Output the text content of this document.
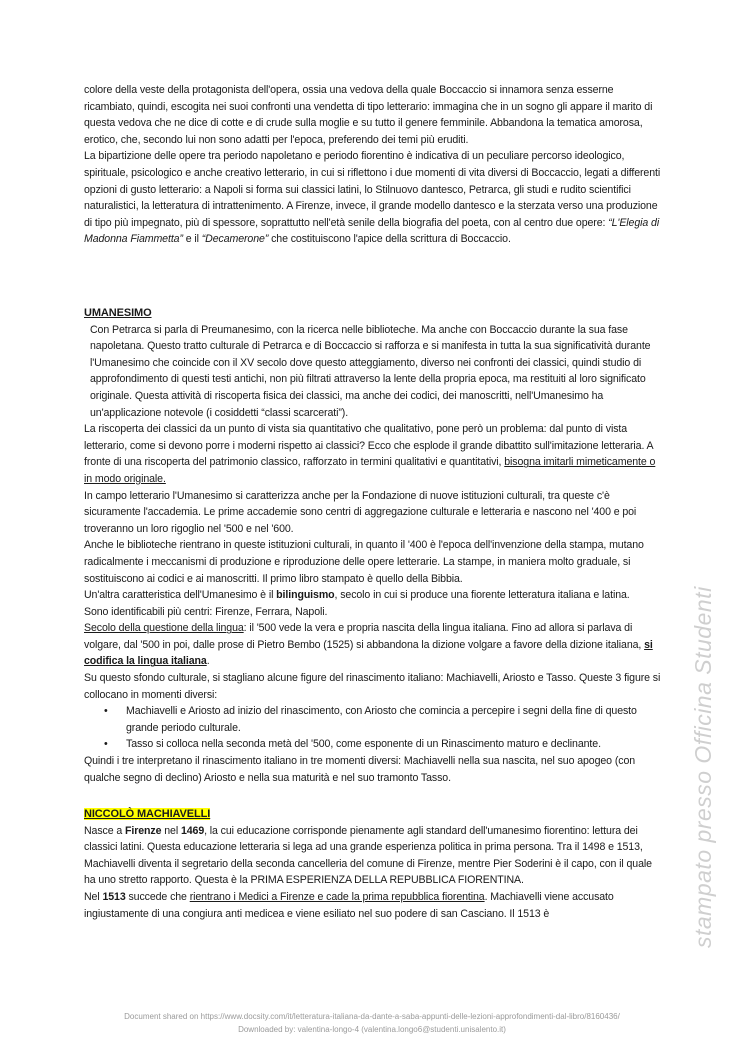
colore della veste della protagonista dell'opera, ossia una vedova della quale Boccaccio si innamora senza esserne ricambiato, quindi, escogita nei suoi confronti una vendetta di tipo letterario: immagina che in un sogno gli appare il marito di questa vedova che ne dice di cotte e di crude sulla moglie e su tutto il genere femminile. Abbandona la tematica amorosa, erotico, che, secondo lui non sono adatti per l'epoca, preferendo dei temi più eruditi.

La bipartizione delle opere tra periodo napoletano e periodo fiorentino è indicativa di un peculiare percorso ideologico, spirituale, psicologico e anche creativo letterario, in cui si riflettono i due momenti di vita diversi di Boccaccio, legati a differenti opzioni di gusto letterario: a Napoli si forma sui classici latini, lo Stilnuovo dantesco, Petrarca, gli studi e rudito scientifici naturalistici, la letteratura di intrattenimento. A Firenze, invece, il grande modello dantesco e la sterzata verso una produzione di tipo più impegnato, più di spessore, soprattutto nell'età senile della biografia del poeta, con al centro due opere: “L'Elegia di Madonna Fiammetta” e il “Decamerone” che costituiscono l'apice della scrittura di Boccaccio.

UMANESIMO

Con Petrarca si parla di Preumanesimo, con la ricerca nelle biblioteche. Ma anche con Boccaccio durante la sua fase napoletana. Questo tratto culturale di Petrarca e di Boccaccio si rafforza e si manifesta in tutta la sua significatività durante l'Umanesimo che coincide con il XV secolo dove questo atteggiamento, diverso nei confronti dei classici, quindi studio di approfondimento di questi testi antichi, non più filtrati attraverso la lente della propria epoca, ma restituiti al loro significato originale. Questa attività di riscoperta fisica dei classici, ma anche dei codici, dei manoscritti, nell'Umanesimo ha un'applicazione notevole (i cosiddetti “classi scarcerati”).

La riscoperta dei classici da un punto di vista sia quantitativo che qualitativo, pone però un problema: dal punto di vista letterario, come si devono porre i moderni rispetto ai classici? Ecco che esplode il grande dibattito sull'imitazione letteraria. A fronte di una riscoperta del patrimonio classico, rafforzato in termini qualitativi e quantitativi, bisogna imitarli mimeticamente o in modo originale.

In campo letterario l'Umanesimo si caratterizza anche per la Fondazione di nuove istituzioni culturali, tra queste c'è sicuramente l'accademia. Le prime accademie sono centri di aggregazione culturale e letteraria e nascono nel '400 e poi troveranno un loro rigoglio nel '500 e nel '600.

Anche le biblioteche rientrano in queste istituzioni culturali, in quanto il '400 è l'epoca dell'invenzione della stampa, mutano radicalmente i meccanismi di produzione e riproduzione delle opere letterarie. La stampe, in maniera molto graduale, si sostituiscono ai codici e ai manoscritti. Il primo libro stampato è quello della Bibbia.

Un'altra caratteristica dell'Umanesimo è il bilinguismo, secolo in cui si produce una fiorente letteratura italiana e latina.

Sono identificabili più centri: Firenze, Ferrara, Napoli.

Secolo della questione della lingua: il '500 vede la vera e propria nascita della lingua italiana. Fino ad allora si parlava di volgare, dal '500 in poi, dalle prose di Pietro Bembo (1525) si abbandona la dizione volgare a favore della dizione italiana, si codifica la lingua italiana.

Su questo sfondo culturale, si stagliano alcune figure del rinascimento italiano: Machiavelli, Ariosto e Tasso. Queste 3 figure si collocano in momenti diversi:

• Machiavelli e Ariosto ad inizio del rinascimento, con Ariosto che comincia a percepire i segni della fine di questo grande periodo culturale.
• Tasso si colloca nella seconda metà del '500, come esponente di un Rinascimento maturo e declinante.

Quindi i tre interpretano il rinascimento italiano in tre momenti diversi: Machiavelli nella sua nascita, nel suo apogeo (con qualche segno di declino) Ariosto e nella sua maturità e nel suo tramonto Tasso.

NICCOLÒ MACHIAVELLI

Nasce a Firenze nel 1469, la cui educazione corrisponde pienamente agli standard dell'umanesimo fiorentino: lettura dei classici latini. Questa educazione letteraria si lega ad una grande esperienza politica in prima persona. Tra il 1498 e 1513, Machiavelli diventa il segretario della seconda cancelleria del comune di Firenze, mentre Pier Soderini è il capo, con il quale ha uno stretto rapporto. Questa è la PRIMA ESPERIENZA DELLA REPUBBLICA FIORENTINA.

Nel 1513 succede che rientrano i Medici a Firenze e cade la prima repubblica fiorentina. Machiavelli viene accusato ingiustamente di una congiura anti medicea e viene esiliato nel suo podere di san Casciano. Il 1513 è	stampato presso Officina Studenti
Document shared on https://www.docsity.com/it/letteratura-italiana-da-dante-a-saba-appunti-delle-lezioni-approfondimenti-dal-libro/8160436/
Downloaded by: valentina-longo-4 (valentina.longo6@studenti.unisalento.it)
